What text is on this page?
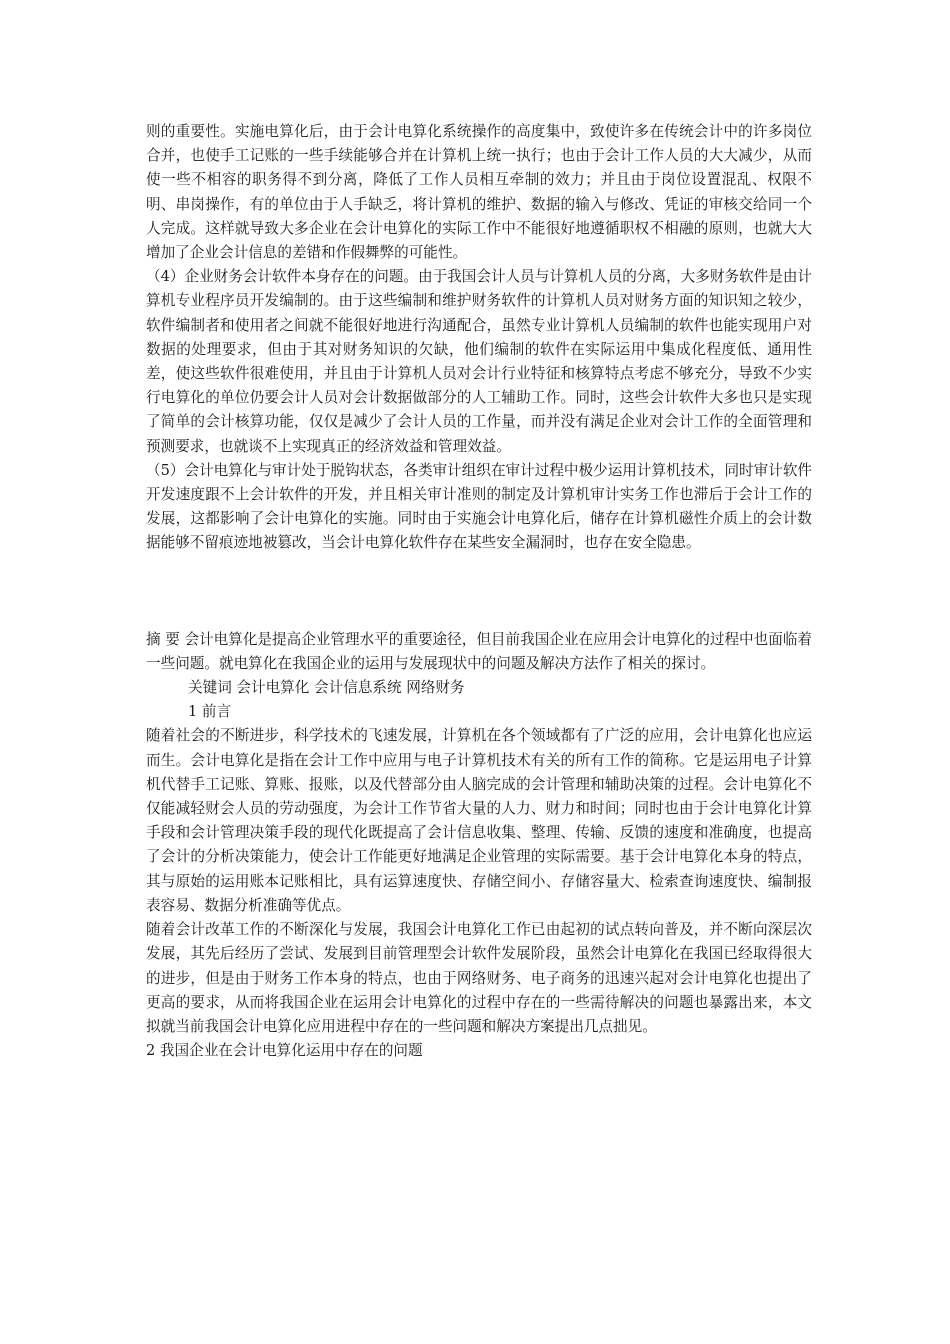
则的重要性。实施电算化后，由于会计电算化系统操作的高度集中，致使许多在传统会计中的许多岗位合并，也使手工记账的一些手续能够合并在计算机上统一执行；也由于会计工作人员的大大减少，从而使一些不相容的职务得不到分离，降低了工作人员相互牵制的效力；并且由于岗位设置混乱、权限不明、串岗操作，有的单位由于人手缺乏，将计算机的维护、数据的输入与修改、凭证的审核交给同一个人完成。这样就导致大多企业在会计电算化的实际工作中不能很好地遵循职权不相融的原则，也就大大增加了企业会计信息的差错和作假舞弊的可能性。

（4）企业财务会计软件本身存在的问题。由于我国会计人员与计算机人员的分离，大多财务软件是由计算机专业程序员开发编制的。由于这些编制和维护财务软件的计算机人员对财务方面的知识知之较少，软件编制者和使用者之间就不能很好地进行沟通配合，虽然专业计算机人员编制的软件也能实现用户对数据的处理要求，但由于其对财务知识的欠缺，他们编制的软件在实际运用中集成化程度低、通用性差，使这些软件很难使用，并且由于计算机人员对会计行业特征和核算特点考虑不够充分，导致不少实行电算化的单位仍要会计人员对会计数据做部分的人工辅助工作。同时，这些会计软件大多也只是实现了简单的会计核算功能，仅仅是减少了会计人员的工作量，而并没有满足企业对会计工作的全面管理和预测要求，也就谈不上实现真正的经济效益和管理效益。

（5）会计电算化与审计处于脱钩状态，各类审计组织在审计过程中极少运用计算机技术，同时审计软件开发速度跟不上会计软件的开发，并且相关审计准则的制定及计算机审计实务工作也滞后于会计工作的发展，这都影响了会计电算化的实施。同时由于实施会计电算化后，储存在计算机磁性介质上的会计数据能够不留痕迹地被篡改，当会计电算化软件存在某些安全漏洞时，也存在安全隐患。

摘 要 会计电算化是提高企业管理水平的重要途径，但目前我国企业在应用会计电算化的过程中也面临着一些问题。就电算化在我国企业的运用与发展现状中的问题及解决方法作了相关的探讨。

关键词 会计电算化 会计信息系统 网络财务

1 前言

随着社会的不断进步，科学技术的飞速发展，计算机在各个领域都有了广泛的应用，会计电算化也应运而生。会计电算化是指在会计工作中应用与电子计算机技术有关的所有工作的简称。它是运用电子计算机代替手工记账、算账、报账，以及代替部分由人脑完成的会计管理和辅助决策的过程。会计电算化不仅能减轻财会人员的劳动强度，为会计工作节省大量的人力、财力和时间；同时也由于会计电算化计算手段和会计管理决策手段的现代化既提高了会计信息收集、整理、传输、反馈的速度和准确度，也提高了会计的分析决策能力，使会计工作能更好地满足企业管理的实际需要。基于会计电算化本身的特点，其与原始的运用账本记账相比，具有运算速度快、存储空间小、存储容量大、检索查询速度快、编制报表容易、数据分析准确等优点。

随着会计改革工作的不断深化与发展，我国会计电算化工作已由起初的试点转向普及，并不断向深层次发展，其先后经历了尝试、发展到目前管理型会计软件发展阶段，虽然会计电算化在我国已经取得很大的进步，但是由于财务工作本身的特点，也由于网络财务、电子商务的迅速兴起对会计电算化也提出了更高的要求，从而将我国企业在运用会计电算化的过程中存在的一些需待解决的问题也暴露出来，本文拟就当前我国会计电算化应用进程中存在的一些问题和解决方案提出几点拙见。

2 我国企业在会计电算化运用中存在的问题
